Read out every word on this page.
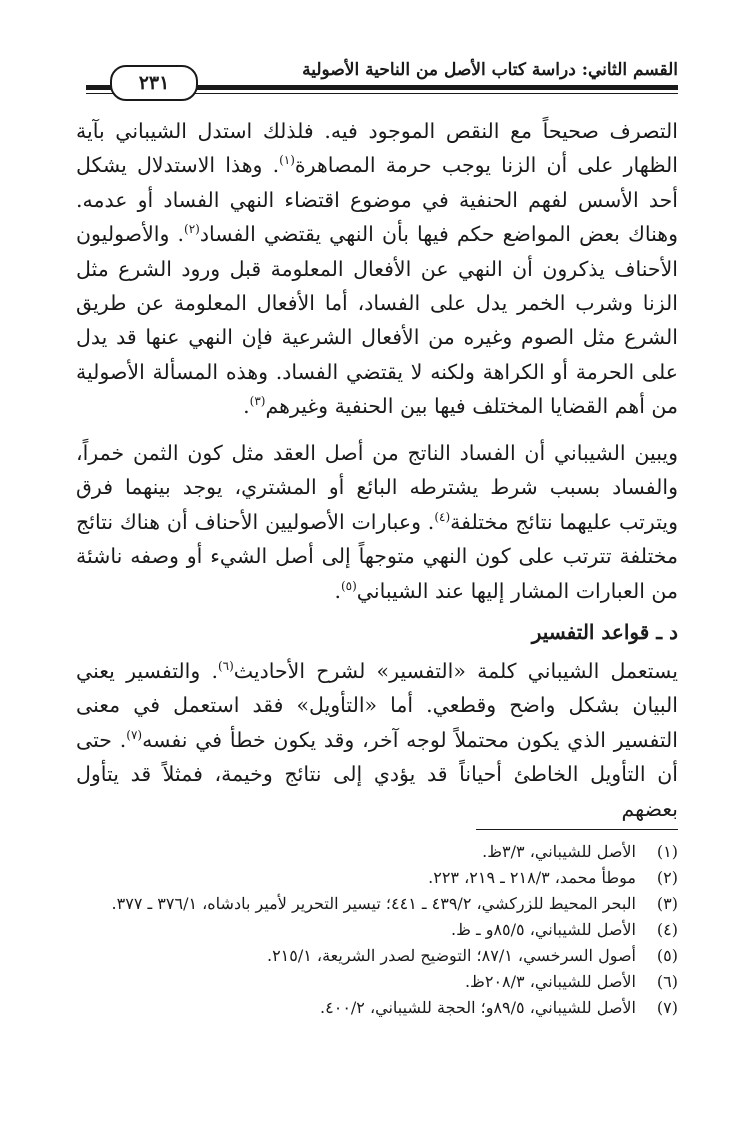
القسم الثاني: دراسة كتاب الأصل من الناحية الأصولية
٢٣١
التصرف صحيحاً مع النقص الموجود فيه. فلذلك استدل الشيباني بآية الظهار على أن الزنا يوجب حرمة المصاهرة$^{(١)}$. وهذا الاستدلال يشكل أحد الأسس لفهم الحنفية في موضوع اقتضاء النهي الفساد أو عدمه. وهناك بعض المواضع حكم فيها بأن النهي يقتضي الفساد$^{(٢)}$. والأصوليون الأحناف يذكرون أن النهي عن الأفعال المعلومة قبل ورود الشرع مثل الزنا وشرب الخمر يدل على الفساد، أما الأفعال المعلومة عن طريق الشرع مثل الصوم وغيره من الأفعال الشرعية فإن النهي عنها قد يدل على الحرمة أو الكراهة ولكنه لا يقتضي الفساد. وهذه المسألة الأصولية من أهم القضايا المختلف فيها بين الحنفية وغيرهم$^{(٣)}$.
ويبين الشيباني أن الفساد الناتج من أصل العقد مثل كون الثمن خمراً، والفساد بسبب شرط يشترطه البائع أو المشتري، يوجد بينهما فرق ويترتب عليهما نتائج مختلفة$^{(٤)}$. وعبارات الأصوليين الأحناف أن هناك نتائج مختلفة تترتب على كون النهي متوجهاً إلى أصل الشيء أو وصفه ناشئة من العبارات المشار إليها عند الشيباني$^{(٥)}$.
د ـ قواعد التفسير
يستعمل الشيباني كلمة «التفسير» لشرح الأحاديث$^{(٦)}$. والتفسير يعني البيان بشكل واضح وقطعي. أما «التأويل» فقد استعمل في معنى التفسير الذي يكون محتملاً لوجه آخر، وقد يكون خطأ في نفسه$^{(٧)}$. حتى أن التأويل الخاطئ أحياناً قد يؤدي إلى نتائج وخيمة، فمثلاً قد يتأول بعضهم
(١)
الأصل للشيباني، ٣/٣ظ.
(٢)
موطأ محمد، ٢١٨/٣ ـ ٢١٩، ٢٢٣.
(٣)
البحر المحيط للزركشي، ٤٣٩/٢ ـ ٤٤١؛ تيسير التحرير لأمير بادشاه، ٣٧٦/١ ـ ٣٧٧.
(٤)
الأصل للشيباني، ٨٥/٥و ـ ظ.
(٥)
أصول السرخسي، ٨٧/١؛ التوضيح لصدر الشريعة، ٢١٥/١.
(٦)
الأصل للشيباني، ٢٠٨/٣ظ.
(٧)
الأصل للشيباني، ٨٩/٥و؛ الحجة للشيباني، ٤٠٠/٢.
